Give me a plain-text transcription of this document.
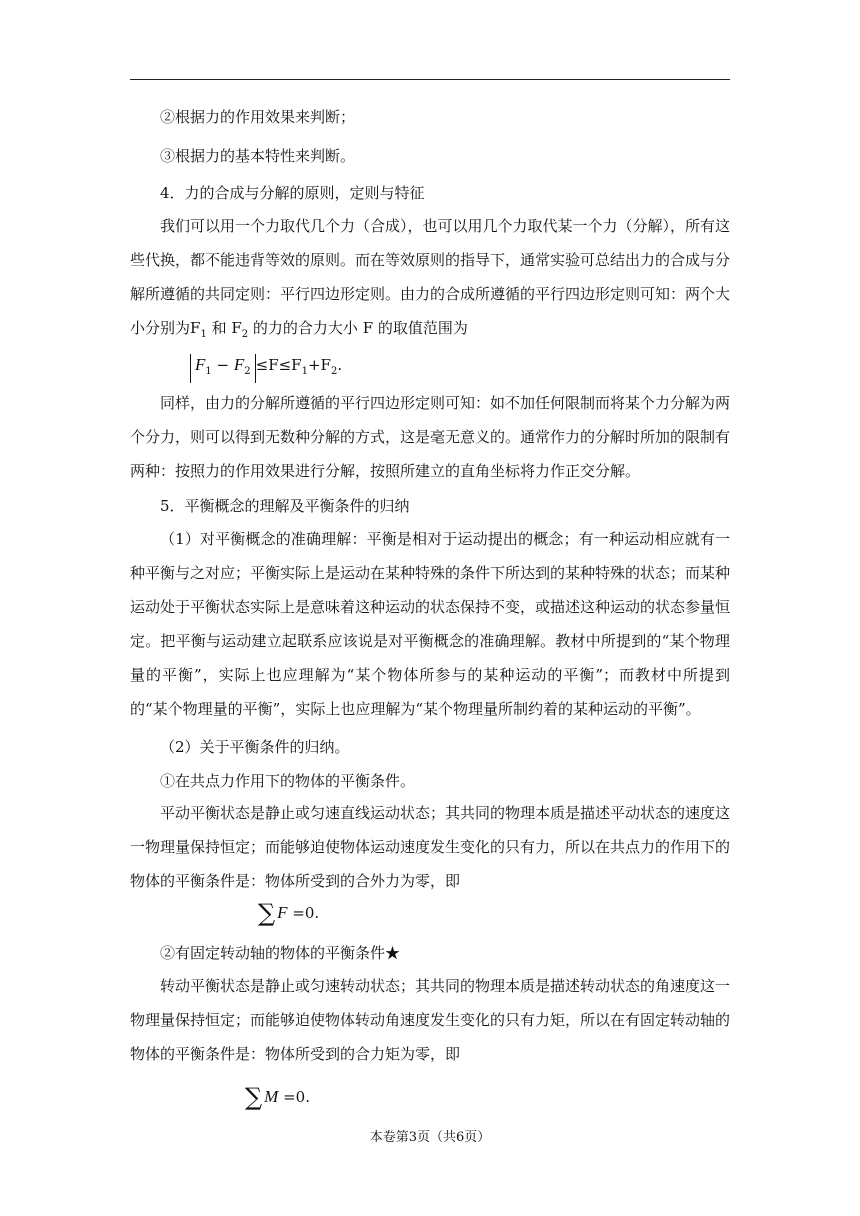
②根据力的作用效果来判断；

③根据力的基本特性来判断。

4．力的合成与分解的原则，定则与特征

我们可以用一个力取代几个力（合成），也可以用几个力取代某一个力（分解），所有这些代换，都不能违背等效的原则。而在等效原则的指导下，通常实验可总结出力的合成与分解所遵循的共同定则：平行四边形定则。由力的合成所遵循的平行四边形定则可知：两个大小分别为$F_1$ 和 $F_2$ 的力的合力大小 F 的取值范围为

$F_1 - F_2 \le F\le F_1+F_2$.

同样，由力的分解所遵循的平行四边形定则可知：如不加任何限制而将某个力分解为两个分力，则可以得到无数种分解的方式，这是毫无意义的。通常作力的分解时所加的限制有两种：按照力的作用效果进行分解，按照所建立的直角坐标将力作正交分解。

5．平衡概念的理解及平衡条件的归纳

（1）对平衡概念的准确理解：平衡是相对于运动提出的概念；有一种运动相应就有一种平衡与之对应；平衡实际上是运动在某种特殊的条件下所达到的某种特殊的状态；而某种运动处于平衡状态实际上是意味着这种运动的状态保持不变，或描述这种运动的状态参量恒定。把平衡与运动建立起联系应该说是对平衡概念的准确理解。教材中所提到的“某个物理量的平衡”，实际上也应理解为“某个物体所参与的某种运动的平衡”；而教材中所提到的“某个物理量的平衡”，实际上也应理解为“某个物理量所制约着的某种运动的平衡”。

（2）关于平衡条件的归纳。

①在共点力作用下的物体的平衡条件。

平动平衡状态是静止或匀速直线运动状态；其共同的物理本质是描述平动状态的速度这一物理量保持恒定；而能够迫使物体运动速度发生变化的只有力，所以在共点力的作用下的物体的平衡条件是：物体所受到的合外力为零，即

∑ F =0.

②有固定转动轴的物体的平衡条件★

转动平衡状态是静止或匀速转动状态；其共同的物理本质是描述转动状态的角速度这一物理量保持恒定；而能够迫使物体转动角速度发生变化的只有力矩，所以在有固定转动轴的物体的平衡条件是：物体所受到的合力矩为零，即

∑ M =0.
本卷第3页（共6页）
